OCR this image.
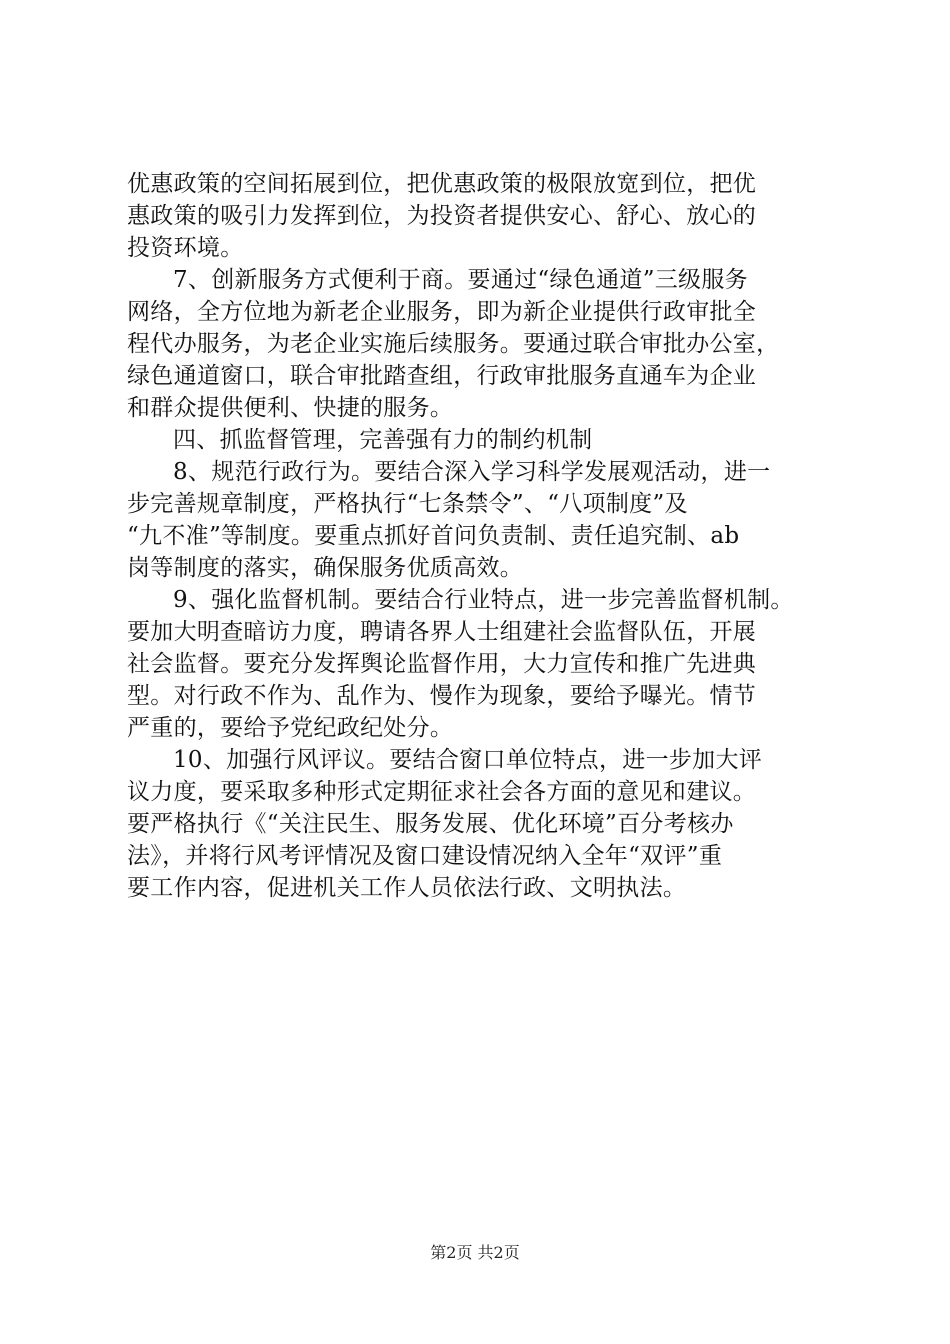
优惠政策的空间拓展到位，把优惠政策的极限放宽到位，把优
惠政策的吸引力发挥到位，为投资者提供安心、舒心、放心的
投资环境。
7、创新服务方式便利于商。要通过“绿色通道”三级服务
网络，全方位地为新老企业服务，即为新企业提供行政审批全
程代办服务，为老企业实施后续服务。要通过联合审批办公室，
绿色通道窗口，联合审批踏查组，行政审批服务直通车为企业
和群众提供便利、快捷的服务。
四、抓监督管理，完善强有力的制约机制
8、规范行政行为。要结合深入学习科学发展观活动，进一
步完善规章制度，严格执行“七条禁令”、“八项制度”及
“九不准”等制度。要重点抓好首问负责制、责任追究制、ab
岗等制度的落实，确保服务优质高效。
9、强化监督机制。要结合行业特点，进一步完善监督机制。
要加大明查暗访力度，聘请各界人士组建社会监督队伍，开展
社会监督。要充分发挥舆论监督作用，大力宣传和推广先进典
型。对行政不作为、乱作为、慢作为现象，要给予曝光。情节
严重的，要给予党纪政纪处分。
10、加强行风评议。要结合窗口单位特点，进一步加大评
议力度，要采取多种形式定期征求社会各方面的意见和建议。
要严格执行《“关注民生、服务发展、优化环境”百分考核办
法》，并将行风考评情况及窗口建设情况纳入全年“双评”重
要工作内容，促进机关工作人员依法行政、文明执法。
第2页 共2页
